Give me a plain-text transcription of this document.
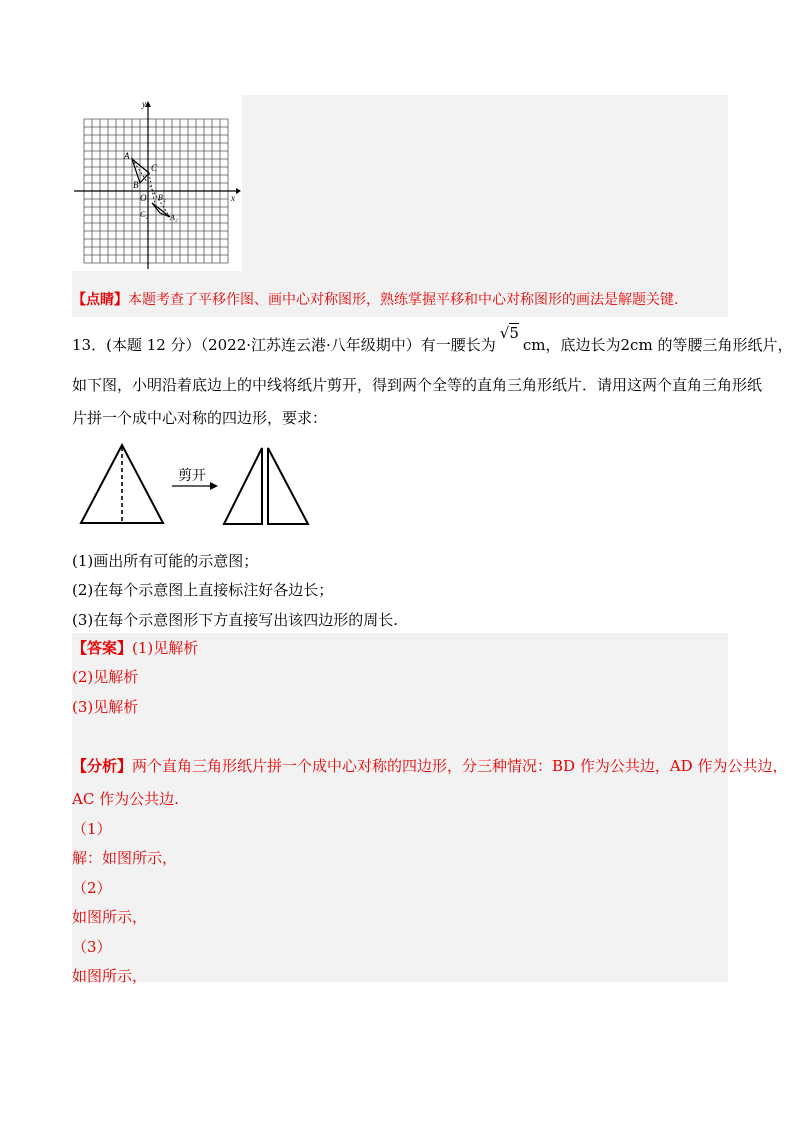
y
x
O
A
B
C
A₂
B₂
C₂
【点睛】本题考查了平移作图、画中心对称图形，熟练掌握平移和中心对称图形的画法是解题关键.
13．(本题 12 分）（2022·江苏连云港·八年级期中）有一腰长为√5cm，底边长为2cm 的等腰三角形纸片，
如下图，小明沿着底边上的中线将纸片剪开，得到两个全等的直角三角形纸片．请用这两个直角三角形纸
片拼一个成中心对称的四边形，要求：
剪开
(1)画出所有可能的示意图；
(2)在每个示意图上直接标注好各边长；
(3)在每个示意图形下方直接写出该四边形的周长.
【答案】(1)见解析
(2)见解析
(3)见解析
【分析】两个直角三角形纸片拼一个成中心对称的四边形，分三种情况：BD 作为公共边，AD 作为公共边，
AC 作为公共边.
（1）
解：如图所示，
（2）
如图所示，
（3）
如图所示，
